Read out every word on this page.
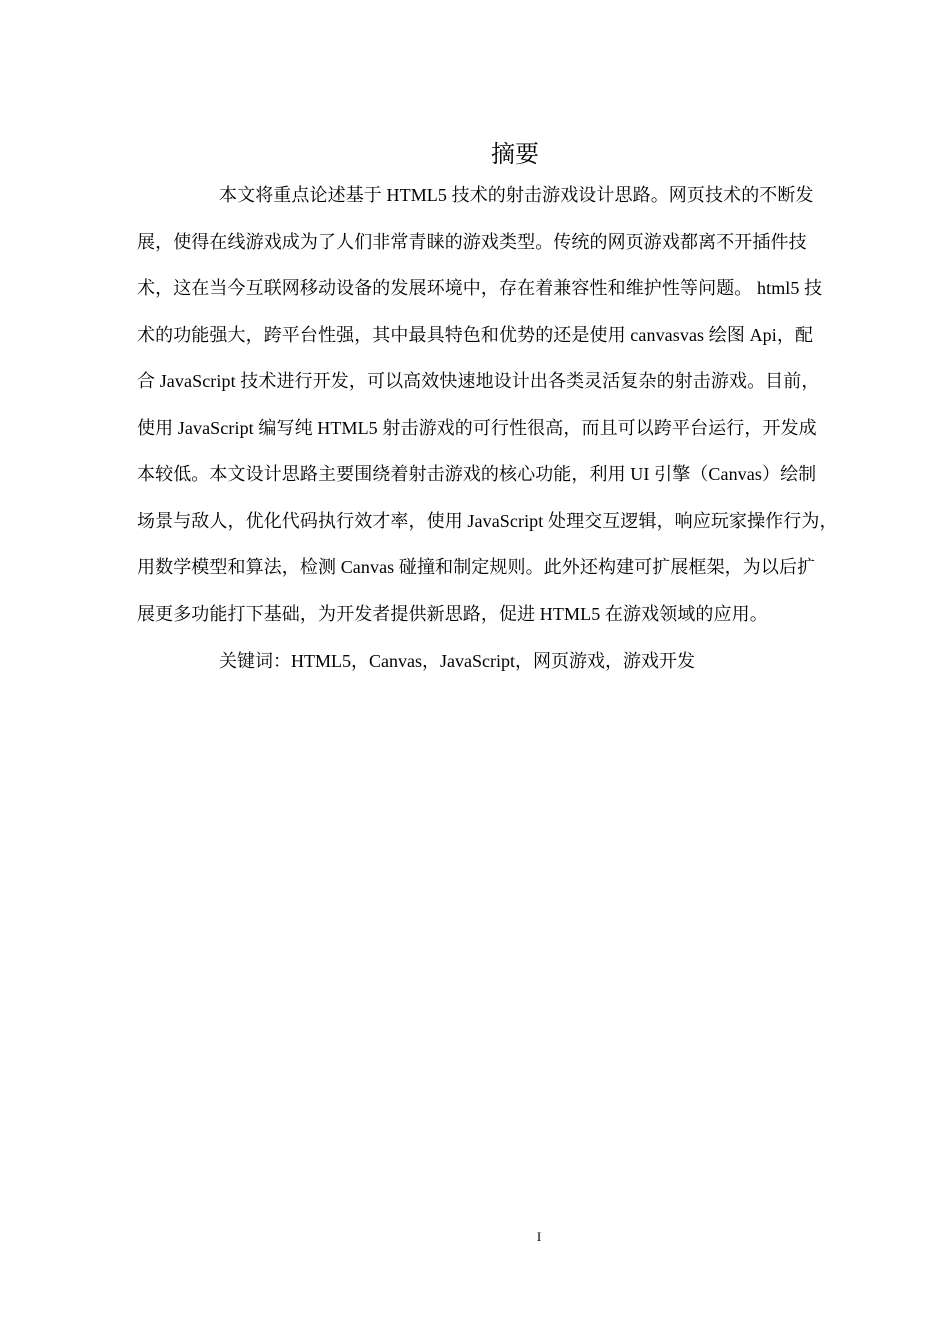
摘要

本文将重点论述基于 HTML5 技术的射击游戏设计思路。网页技术的不断发
展，使得在线游戏成为了人们非常青睐的游戏类型。传统的网页游戏都离不开插件技
术，这在当今互联网移动设备的发展环境中，存在着兼容性和维护性等问题。 html5 技
术的功能强大，跨平台性强，其中最具特色和优势的还是使用 canvasvas 绘图 Api，配
合 JavaScript 技术进行开发，可以高效快速地设计出各类灵活复杂的射击游戏。目前，
使用 JavaScript 编写纯 HTML5 射击游戏的可行性很高，而且可以跨平台运行，开发成
本较低。本文设计思路主要围绕着射击游戏的核心功能，利用 UI 引擎（Canvas）绘制
场景与敌人，优化代码执行效才率，使用 JavaScript 处理交互逻辑，响应玩家操作行为，
用数学模型和算法，检测 Canvas 碰撞和制定规则。此外还构建可扩展框架，为以后扩
展更多功能打下基础，为开发者提供新思路，促进 HTML5 在游戏领域的应用。

关键词：HTML5，Canvas，JavaScript，网页游戏，游戏开发

I
